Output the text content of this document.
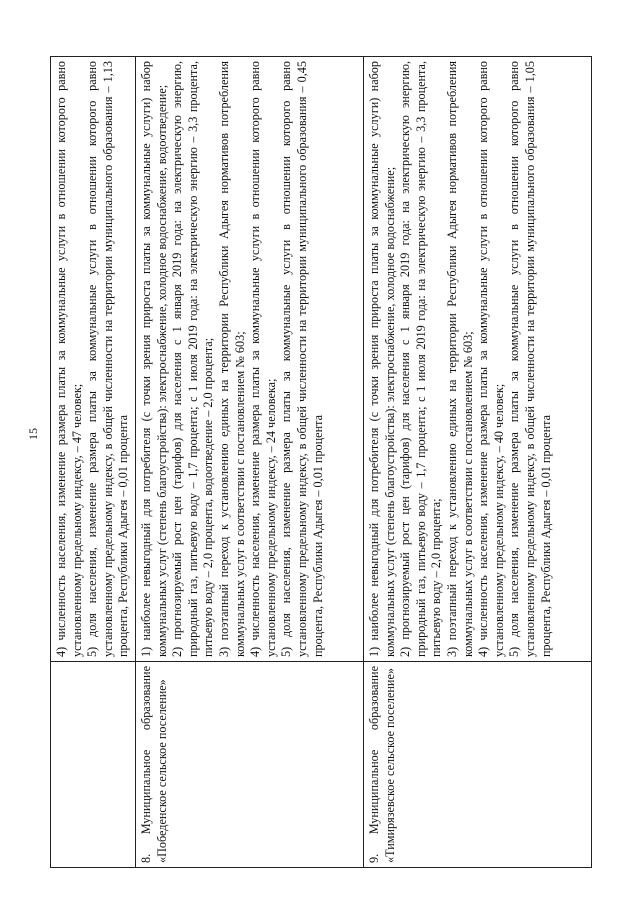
15

	4) численность населения, изменение размера платы за коммунальные услуги в отношении которого равно установленному предельному индексу, – 47 человек; 5) доля населения, изменение размера платы за коммунальные услуги в отношении которого равно установленному предельному индексу, в общей численности на территории муниципального образования – 1,13 процента, Республики Адыгея – 0,01 процента

8. Муниципальное образование «Победенское сельское поселение»	1) наиболее невыгодный для потребителя (с точки зрения прироста платы за коммунальные услуги) набор коммунальных услуг (степень благоустройства): электроснабжение, холодное водоснабжение, водоотведение; 2) прогнозируемый рост цен (тарифов) для населения с 1 января 2019 года: на электрическую энергию, природный газ, питьевую воду – 1,7 процента; с 1 июля 2019 года: на электрическую энергию – 3,3 процента, питьевую воду – 2,0 процента, водоотведение – 2,0 процента; 3) поэтапный переход к установлению единых на территории Республики Адыгея нормативов потребления коммунальных услуг в соответствии с постановлением № 603; 4) численность населения, изменение размера платы за коммунальные услуги в отношении которого равно установленному предельному индексу, – 24 человека; 5) доля населения, изменение размера платы за коммунальные услуги в отношении которого равно установленному предельному индексу, в общей численности на территории муниципального образования – 0,45 процента, Республики Адыгея – 0,01 процента

9. Муниципальное образование «Тимирязевское сельское поселение»	1) наиболее невыгодный для потребителя (с точки зрения прироста платы за коммунальные услуги) набор коммунальных услуг (степень благоустройства): электроснабжение, холодное водоснабжение; 2) прогнозируемый рост цен (тарифов) для населения с 1 января 2019 года: на электрическую энергию, природный газ, питьевую воду – 1,7 процента; с 1 июля 2019 года: на электрическую энергию – 3,3 процента, питьевую воду – 2,0 процента; 3) поэтапный переход к установлению единых на территории Республики Адыгея нормативов потребления коммунальных услуг в соответствии с постановлением № 603; 4) численность населения, изменение размера платы за коммунальные услуги в отношении которого равно установленному предельному индексу, – 40 человек; 5) доля населения, изменение размера платы за коммунальные услуги в отношении которого равно установленному предельному индексу, в общей численности на территории муниципального образования – 1,05 процента, Республики Адыгея – 0,01 процента
